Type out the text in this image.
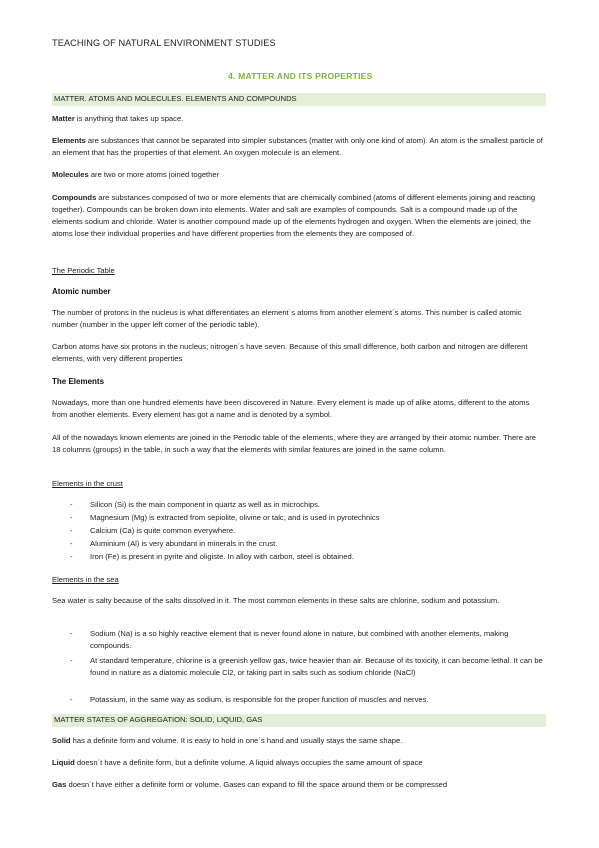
TEACHING OF NATURAL ENVIRONMENT STUDIES
4. MATTER AND ITS PROPERTIES
MATTER. ATOMS AND MOLECULES. ELEMENTS AND COMPOUNDS
Matter is anything that takes up space.
Elements are substances that cannot be separated into simpler substances (matter with only one kind of atom). An atom is the smallest particle of an element that has the properties of that element. An oxygen molecule is an element.
Molecules are two or more atoms joined together
Compounds are substances composed of two or more elements that are chemically combined (atoms of different elements joining and reacting together). Compounds can be broken down into elements. Water and salt are examples of compounds. Salt is a compound made up of the elements sodium and chloride. Water is another compound made up of the elements hydrogen and oxygen. When the elements are joined, the atoms lose their individual properties and have different properties from the elements they are composed of.
The Periodic Table
Atomic number
The number of protons in the nucleus is what differentiates an element´s atoms from another element´s atoms. This number is called atomic number (number in the upper left corner of the periodic table).
Carbon atoms have six protons in the nucleus; nitrogen´s have seven. Because of this small difference, both carbon and nitrogen are different elements, with very different properties
The Elements
Nowadays, more than one hundred elements have been discovered in Nature. Every element is made up of alike atoms, different to the atoms from another elements. Every element has got a name and is denoted by a symbol.
All of the nowadays known elements are joined in the Periodic table of the elements, where they are arranged by their atomic number. There are 18 columns (groups) in the table, in such a way that the elements with similar features are joined in the same column.
Elements in the crust
- Silicon (Si) is the main component in quartz as well as in microchips.
- Magnesium (Mg) is extracted from sepiolite, olivine or talc, and is used in pyrotechnics
- Calcium (Ca) is quite common everywhere.
- Aluminium (Al) is very abundant in minerals in the crust.
- Iron (Fe) is present in pyrite and oligiste. In alloy with carbon, steel is obtained.
Elements in the sea
Sea water is salty because of the salts dissolved in it. The most common elements in these salts are chlorine, sodium and potassium.
- Sodium (Na) is a so highly reactive element that is never found alone in nature, but combined with another elements, making compounds.
- At standard temperature, chlorine is a greenish yellow gas, twice heavier than air. Because of its toxicity, it can become lethal. It can be found in nature as a diatomic molecule Cl2, or taking part in salts such as sodium chloride (NaCl)
- Potassium, in the same way as sodium, is responsible for the proper function of muscles and nerves.
MATTER STATES OF AGGREGATION: SOLID, LIQUID, GAS
Solid has a definite form and volume. It is easy to hold in one´s hand and usually stays the same shape.
Liquid doesn´t have a definite form, but a definite volume. A liquid always occupies the same amount of space
Gas doesn´t have either a definite form or volume. Gases can expand to fill the space around them or be compressed
